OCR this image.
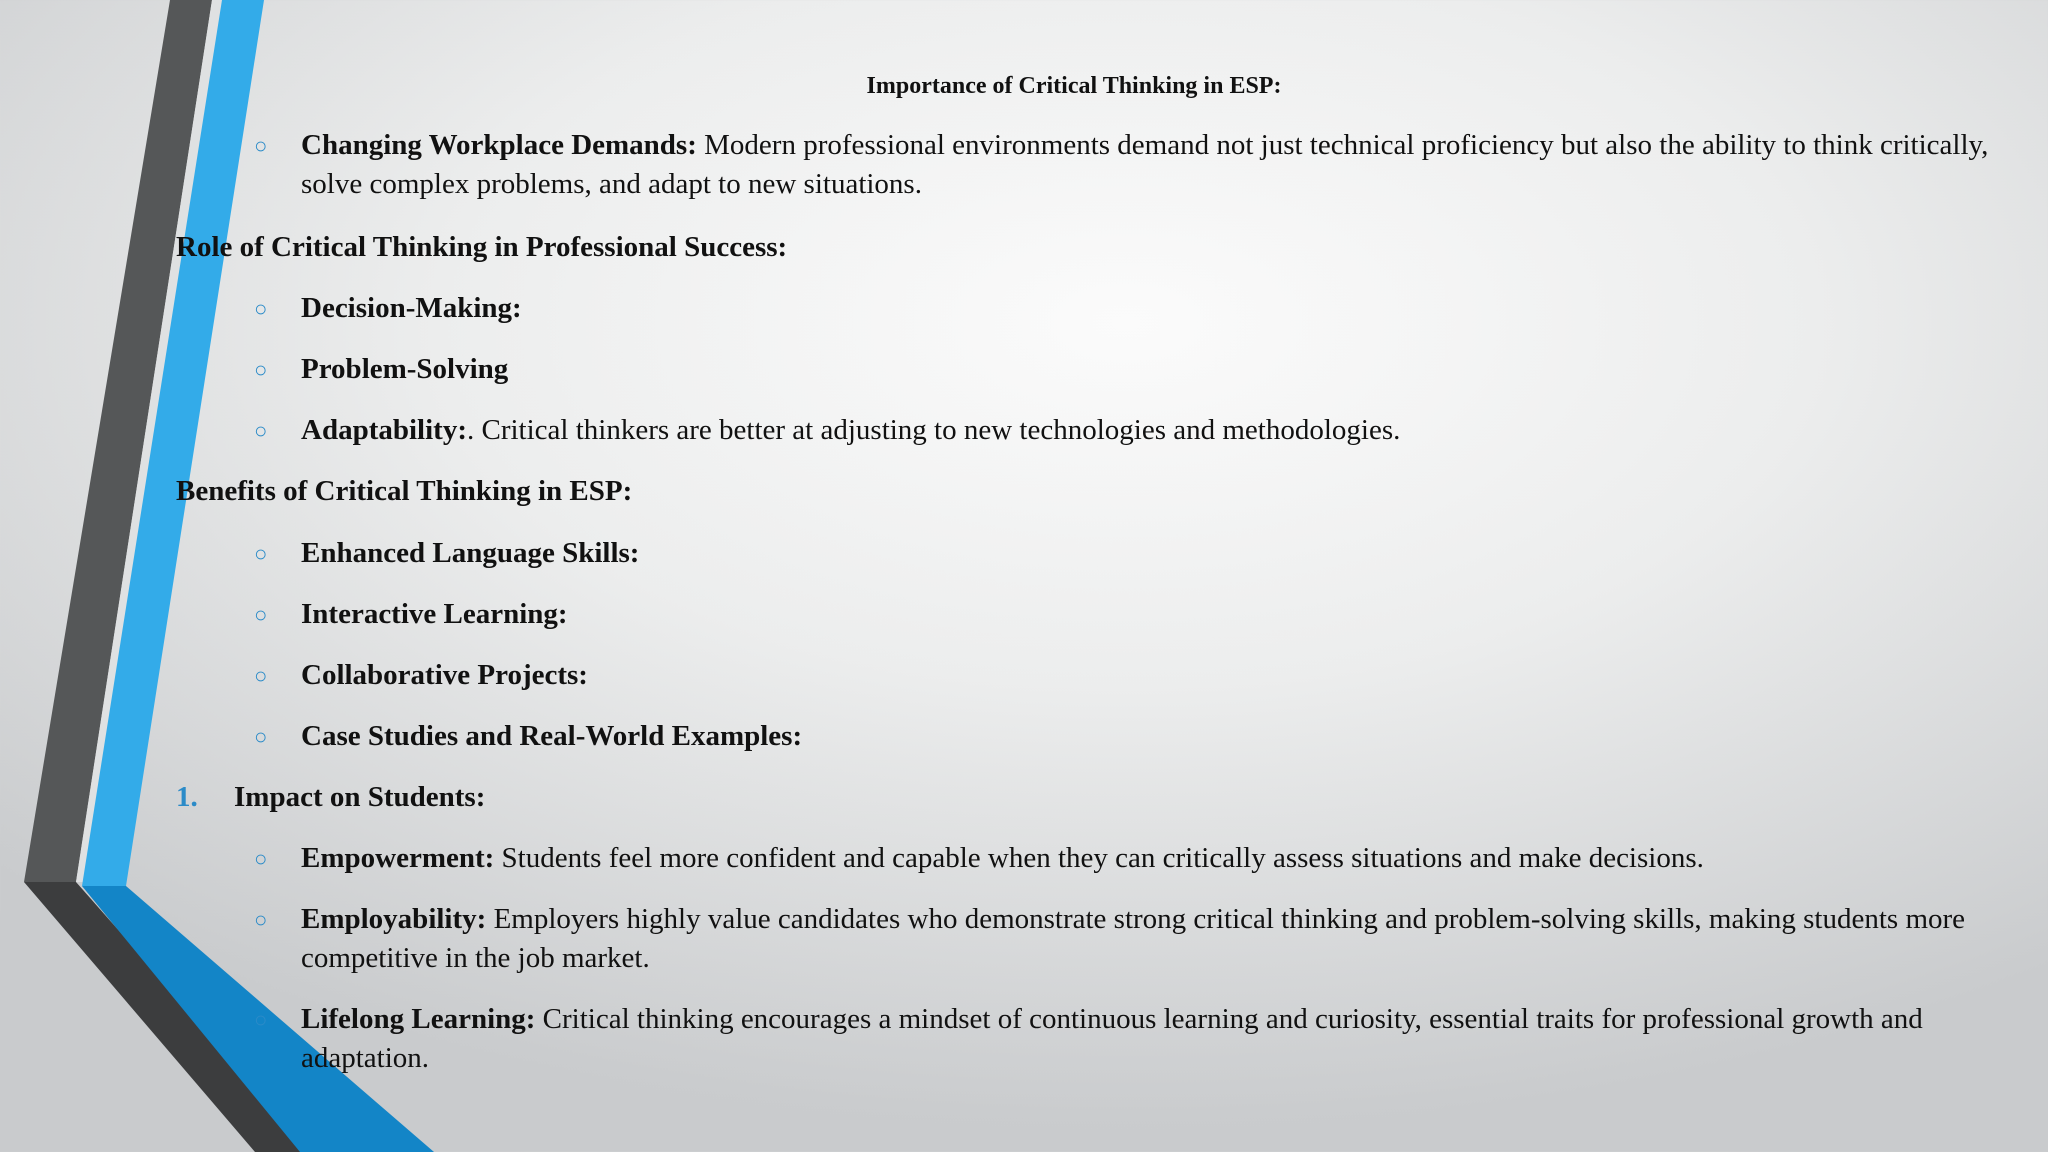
Importance of Critical Thinking in ESP:
○ Changing Workplace Demands: Modern professional environments demand not just technical proficiency but also the ability to think critically, solve complex problems, and adapt to new situations.
Role of Critical Thinking in Professional Success:
○ Decision-Making:
○ Problem-Solving
○ Adaptability:. Critical thinkers are better at adjusting to new technologies and methodologies.
Benefits of Critical Thinking in ESP:
○ Enhanced Language Skills:
○ Interactive Learning:
○ Collaborative Projects:
○ Case Studies and Real-World Examples:
1. Impact on Students:
○ Empowerment: Students feel more confident and capable when they can critically assess situations and make decisions.
○ Employability: Employers highly value candidates who demonstrate strong critical thinking and problem-solving skills, making students more competitive in the job market.
○ Lifelong Learning: Critical thinking encourages a mindset of continuous learning and curiosity, essential traits for professional growth and adaptation.
